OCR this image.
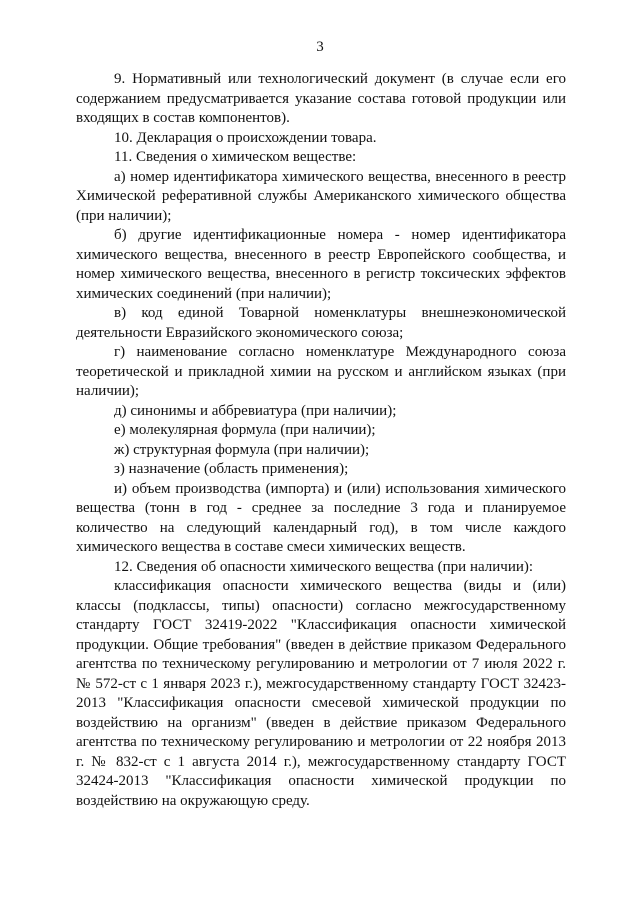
3

9. Нормативный или технологический документ (в случае если его содержанием предусматривается указание состава готовой продукции или входящих в состав компонентов).

10. Декларация о происхождении товара.

11. Сведения о химическом веществе:

а) номер идентификатора химического вещества, внесенного в реестр Химической реферативной службы Американского химического общества (при наличии);

б) другие идентификационные номера - номер идентификатора химического вещества, внесенного в реестр Европейского сообщества, и номер химического вещества, внесенного в регистр токсических эффектов химических соединений (при наличии);

в) код единой Товарной номенклатуры внешнеэкономической деятельности Евразийского экономического союза;

г) наименование согласно номенклатуре Международного союза теоретической и прикладной химии на русском и английском языках (при наличии);

д) синонимы и аббревиатура (при наличии);

е) молекулярная формула (при наличии);

ж) структурная формула (при наличии);

з) назначение (область применения);

и) объем производства (импорта) и (или) использования химического вещества (тонн в год - среднее за последние 3 года и планируемое количество на следующий календарный год), в том числе каждого химического вещества в составе смеси химических веществ.

12. Сведения об опасности химического вещества (при наличии):

классификация опасности химического вещества (виды и (или) классы (подклассы, типы) опасности) согласно межгосударственному стандарту ГОСТ 32419-2022 "Классификация опасности химической продукции. Общие требования" (введен в действие приказом Федерального агентства по техническому регулированию и метрологии от 7 июля 2022 г. № 572-ст с 1 января 2023 г.), межгосударственному стандарту ГОСТ 32423-2013 "Классификация опасности смесевой химической продукции по воздействию на организм" (введен в действие приказом Федерального агентства по техническому регулированию и метрологии от 22 ноября 2013 г. № 832-ст с 1 августа 2014 г.), межгосударственному стандарту ГОСТ 32424-2013 "Классификация опасности химической продукции по воздействию на окружающую среду.
